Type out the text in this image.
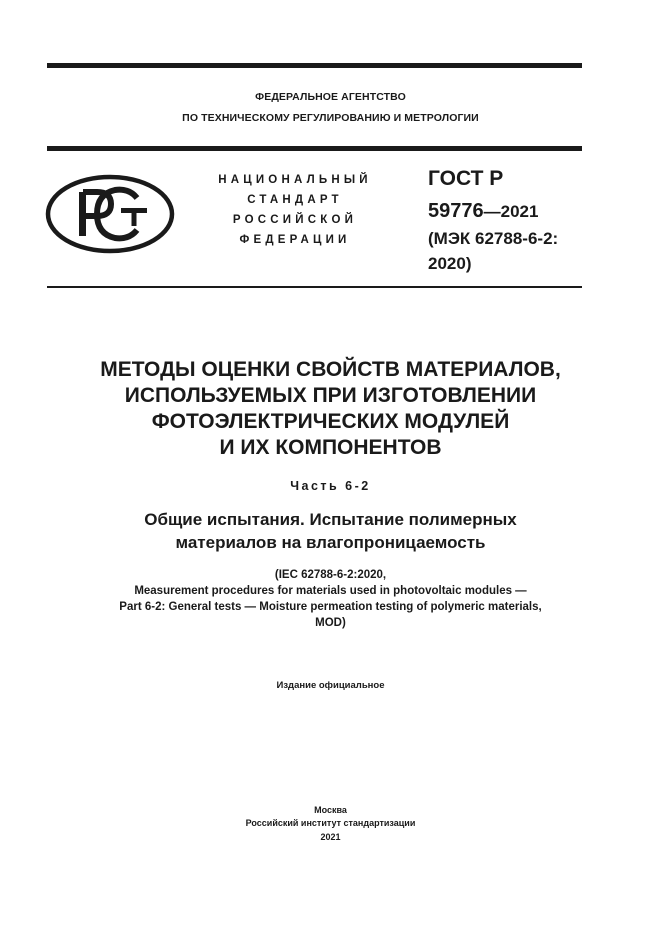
ФЕДЕРАЛЬНОЕ АГЕНТСТВО
ПО ТЕХНИЧЕСКОМУ РЕГУЛИРОВАНИЮ И МЕТРОЛОГИИ
НАЦИОНАЛЬНЫЙ
СТАНДАРТ
РОССИЙСКОЙ
ФЕДЕРАЦИИ
ГОСТ Р
59776—2021
(МЭК 62788-6-2:
2020)
МЕТОДЫ ОЦЕНКИ СВОЙСТВ МАТЕРИАЛОВ,
ИСПОЛЬЗУЕМЫХ ПРИ ИЗГОТОВЛЕНИИ
ФОТОЭЛЕКТРИЧЕСКИХ МОДУЛЕЙ
И ИХ КОМПОНЕНТОВ
Часть 6-2
Общие испытания. Испытание полимерных
материалов на влагопроницаемость
(IEC 62788-6-2:2020,
Measurement procedures for materials used in photovoltaic modules —
Part 6-2: General tests — Moisture permeation testing of polymeric materials,
MOD)
Издание официальное
Москва
Российский институт стандартизации
2021
